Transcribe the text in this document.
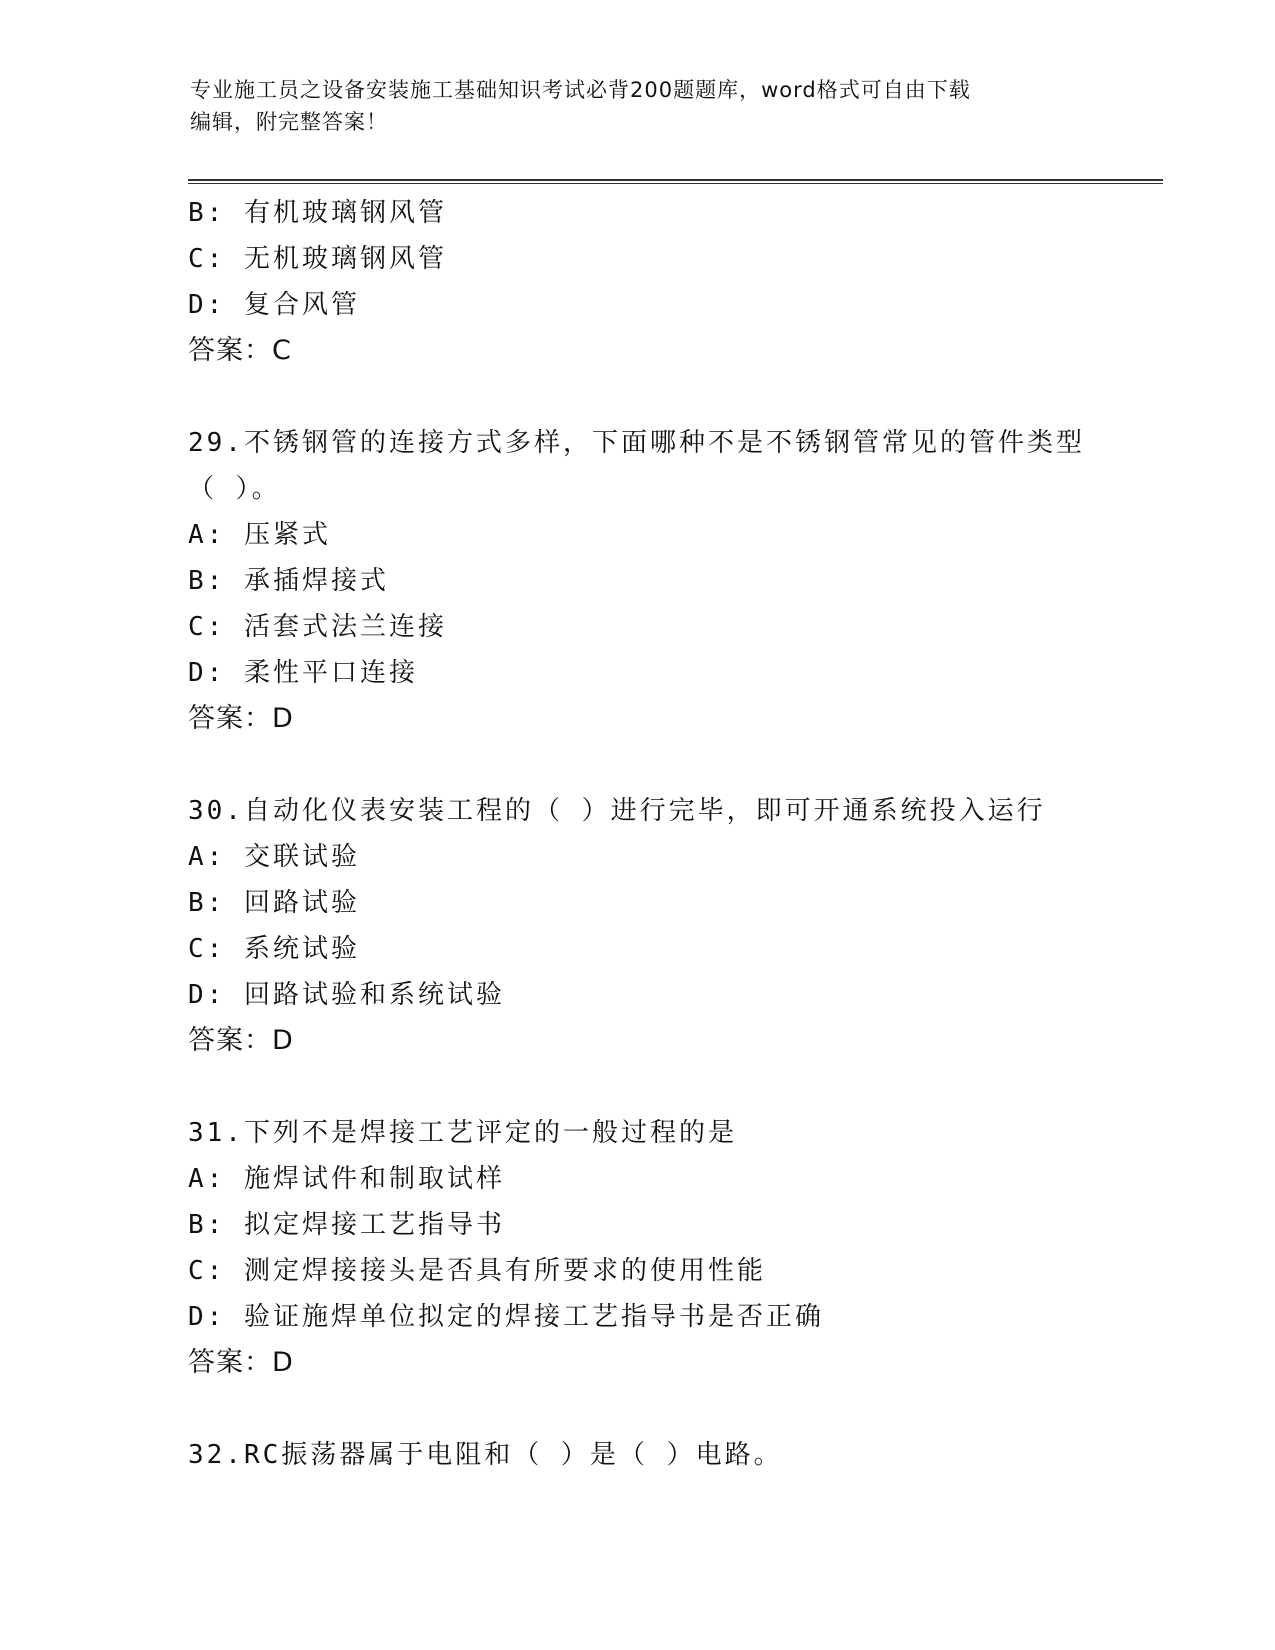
专业施工员之设备安装施工基础知识考试必背200题题库，word格式可自由下载
编辑，附完整答案！
B: 有机玻璃钢风管
C: 无机玻璃钢风管
D: 复合风管
答案：C
29.不锈钢管的连接方式多样，下面哪种不是不锈钢管常见的管件类型
（ ）。
A: 压紧式
B: 承插焊接式
C: 活套式法兰连接
D: 柔性平口连接
答案：D
30.自动化仪表安装工程的（ ）进行完毕，即可开通系统投入运行
A: 交联试验
B: 回路试验
C: 系统试验
D: 回路试验和系统试验
答案：D
31.下列不是焊接工艺评定的一般过程的是
A: 施焊试件和制取试样
B: 拟定焊接工艺指导书
C: 测定焊接接头是否具有所要求的使用性能
D: 验证施焊单位拟定的焊接工艺指导书是否正确
答案：D
32.RC振荡器属于电阻和（ ）是（ ）电路。
